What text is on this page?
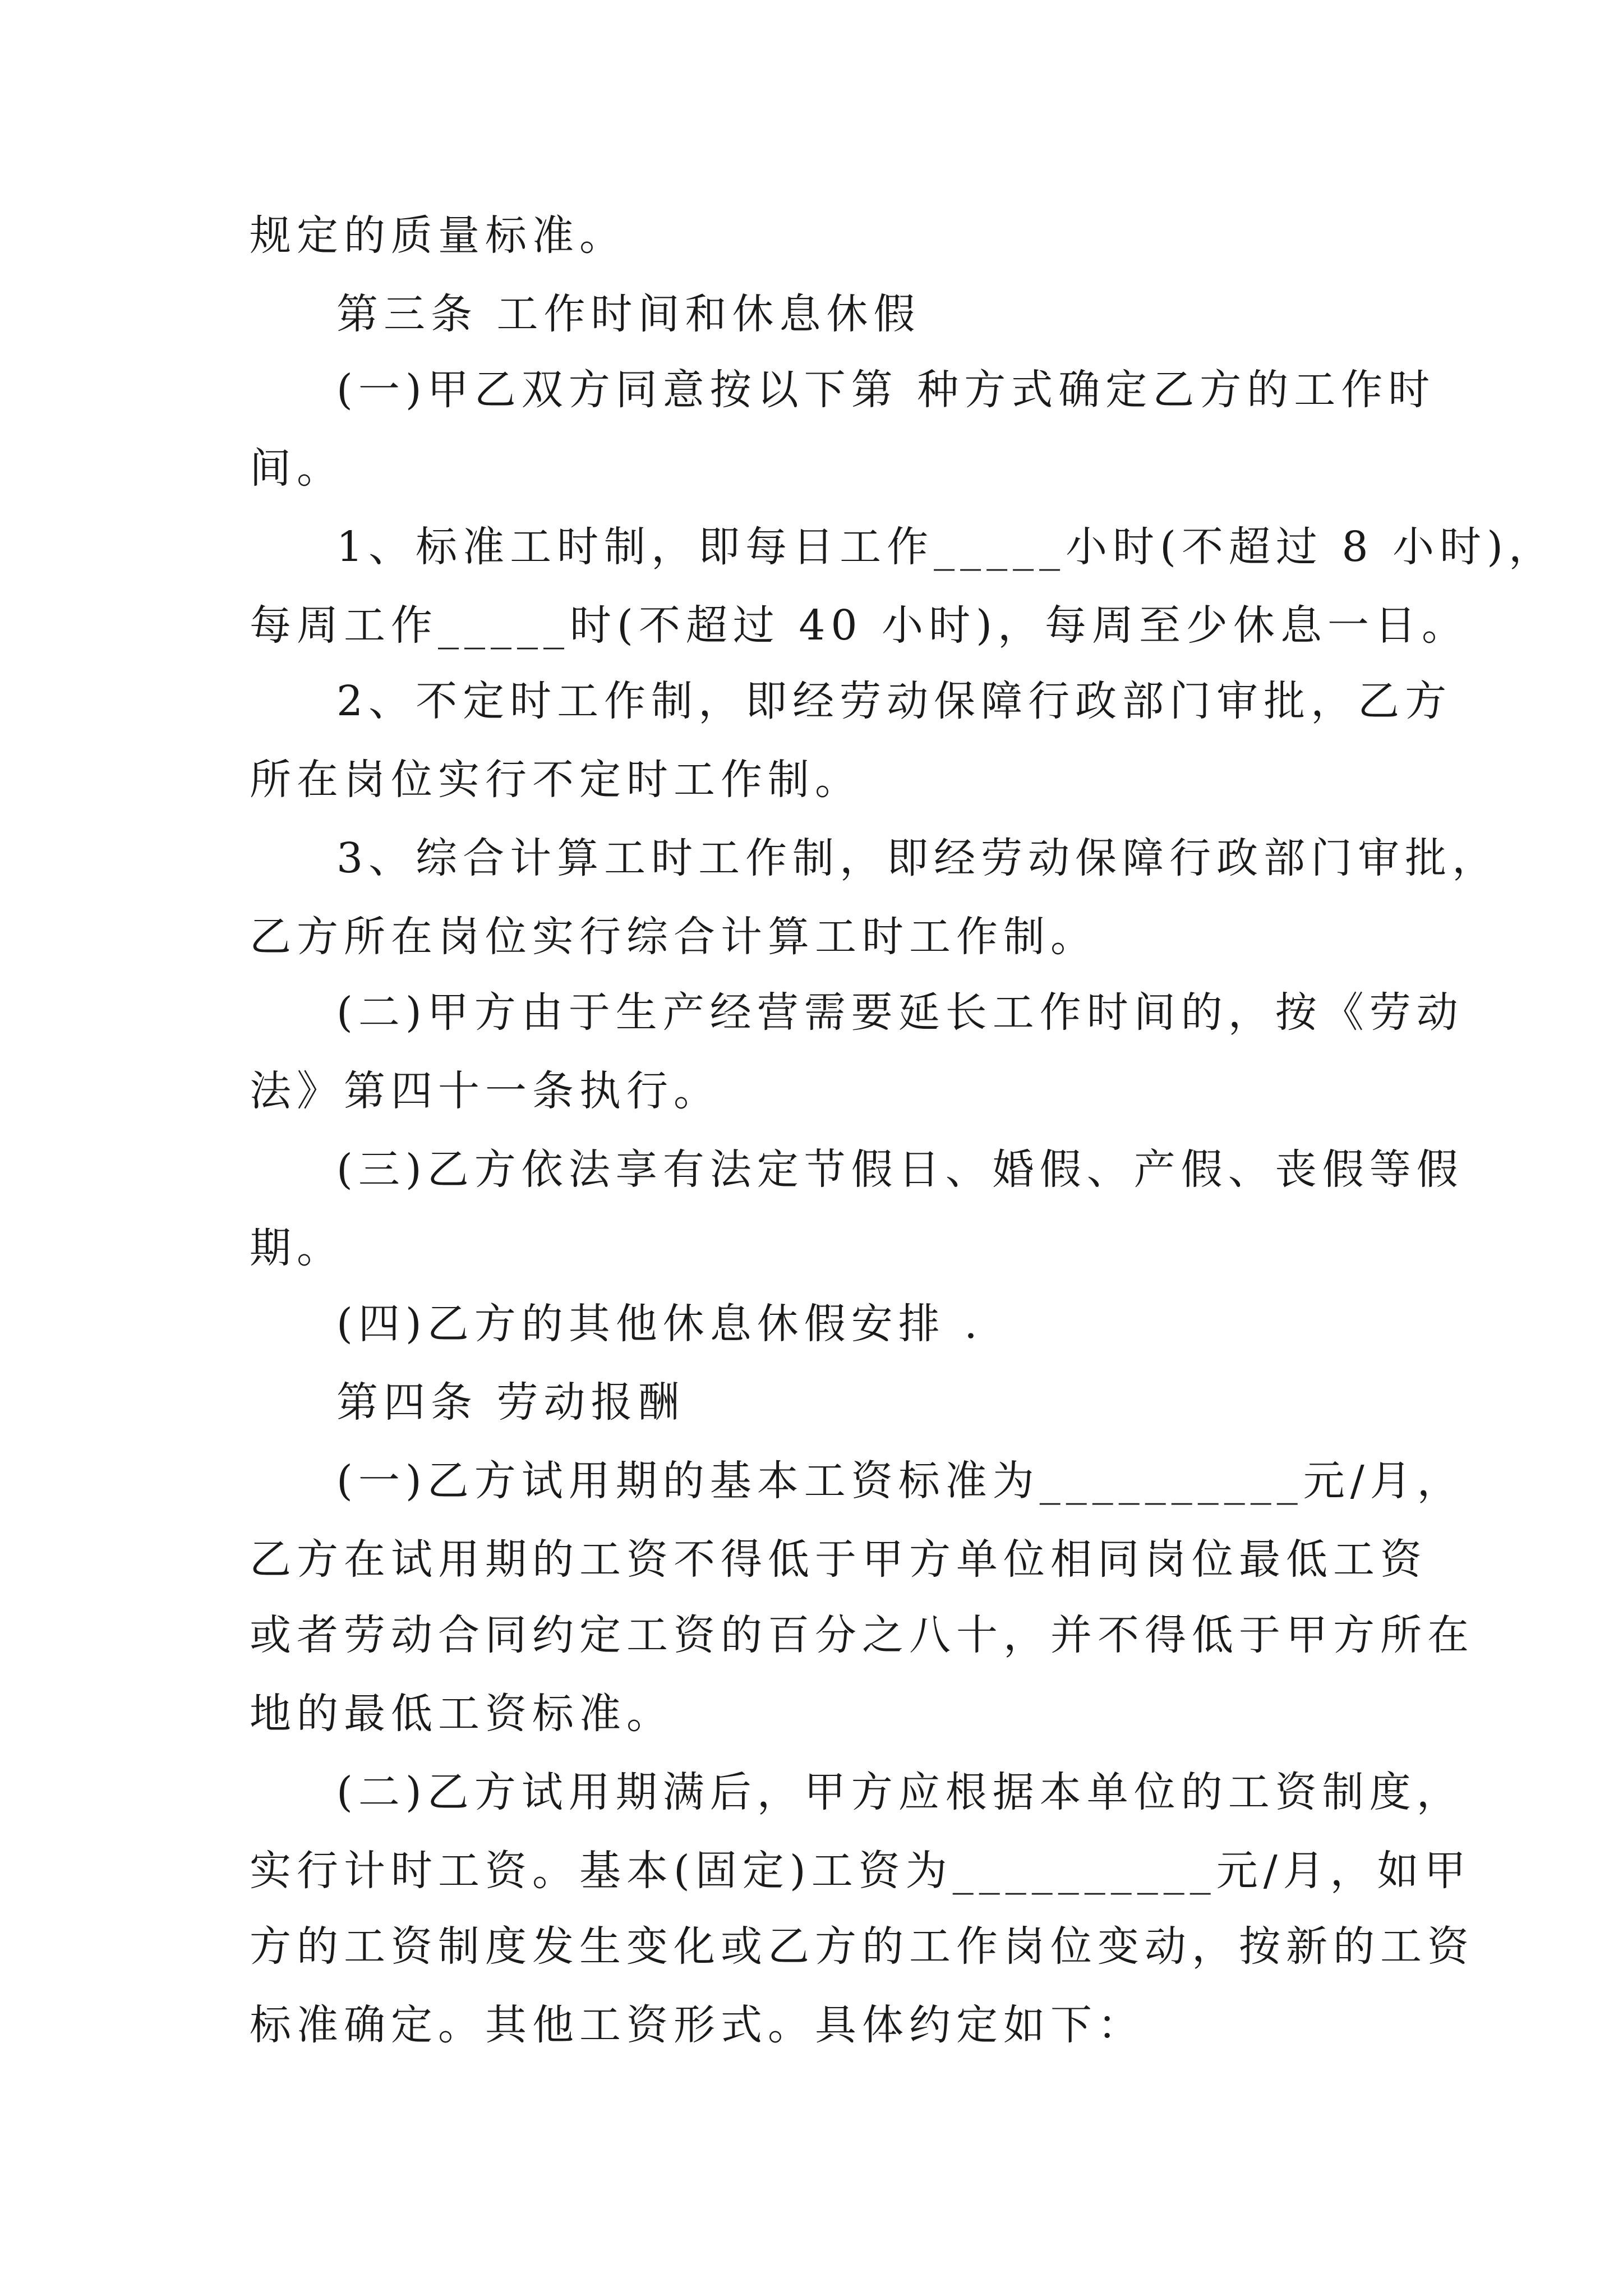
规定的质量标准。
第三条 工作时间和休息休假
(一)甲乙双方同意按以下第 种方式确定乙方的工作时
间。
1、标准工时制，即每日工作_____小时(不超过 8 小时)，
每周工作_____时(不超过 40 小时)，每周至少休息一日。
2、不定时工作制，即经劳动保障行政部门审批，乙方
所在岗位实行不定时工作制。
3、综合计算工时工作制，即经劳动保障行政部门审批，
乙方所在岗位实行综合计算工时工作制。
(二)甲方由于生产经营需要延长工作时间的，按《劳动
法》第四十一条执行。
(三)乙方依法享有法定节假日、婚假、产假、丧假等假
期。
(四)乙方的其他休息休假安排 .
第四条 劳动报酬
(一)乙方试用期的基本工资标准为__________元/月，
乙方在试用期的工资不得低于甲方单位相同岗位最低工资
或者劳动合同约定工资的百分之八十，并不得低于甲方所在
地的最低工资标准。
(二)乙方试用期满后，甲方应根据本单位的工资制度，
实行计时工资。基本(固定)工资为__________元/月，如甲
方的工资制度发生变化或乙方的工作岗位变动，按新的工资
标准确定。其他工资形式。具体约定如下：
